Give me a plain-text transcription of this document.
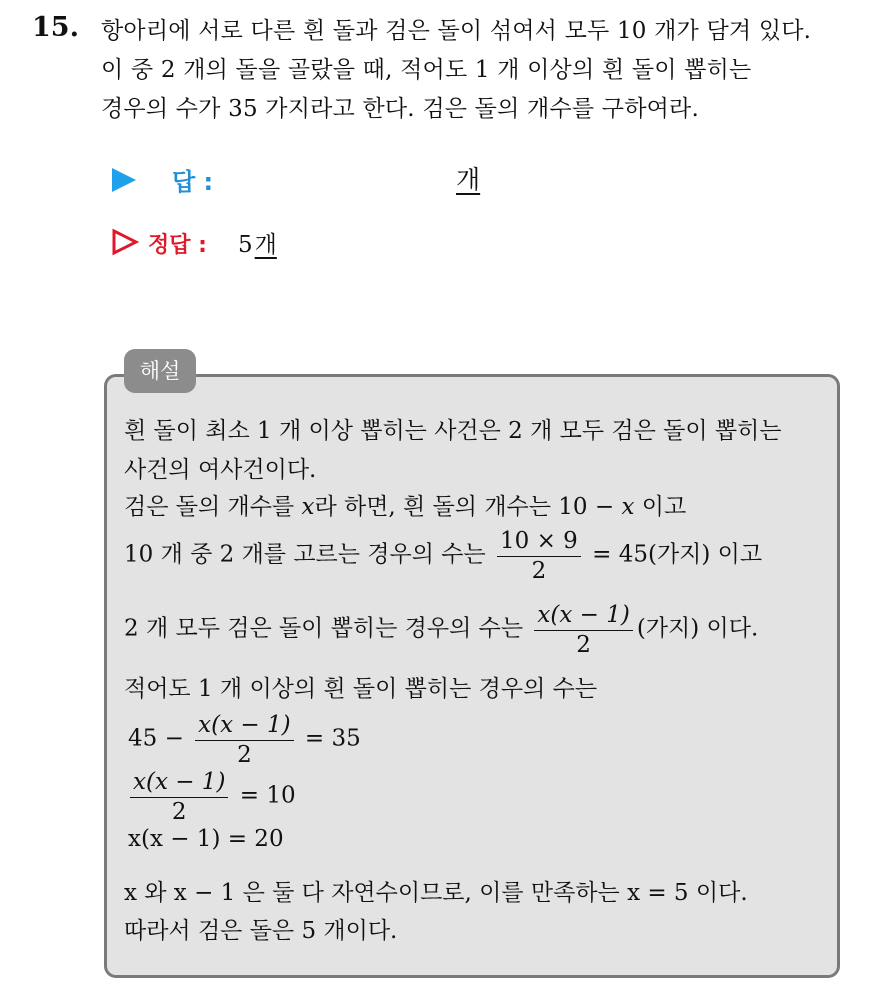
15. 항아리에 서로 다른 흰 돌과 검은 돌이 섞여서 모두 10 개가 담겨 있다.
이 중 2 개의 돌을 골랐을 때, 적어도 1 개 이상의 흰 돌이 뽑히는
경우의 수가 35 가지라고 한다. 검은 돌의 개수를 구하여라.
답 :	개
정답 : 5개
해설
흰 돌이 최소 1 개 이상 뽑히는 사건은 2 개 모두 검은 돌이 뽑히는
사건의 여사건이다.
검은 돌의 개수를 x라 하면, 흰 돌의 개수는 10 − x 이고
10 개 중 2 개를 고르는 경우의 수는 $\frac{10 \times 9}{2} = 45$(가지) 이고
2 개 모두 검은 돌이 뽑히는 경우의 수는 $\frac{x(x - 1)}{2}$ (가지) 이다.
적어도 1 개 이상의 흰 돌이 뽑히는 경우의 수는
$45 - \frac{x(x - 1)}{2} = 35$
$\frac{x(x - 1)}{2} = 10$
x(x − 1) = 20
x 와 x − 1 은 둘 다 자연수이므로, 이를 만족하는 x = 5 이다.
따라서 검은 돌은 5 개이다.
